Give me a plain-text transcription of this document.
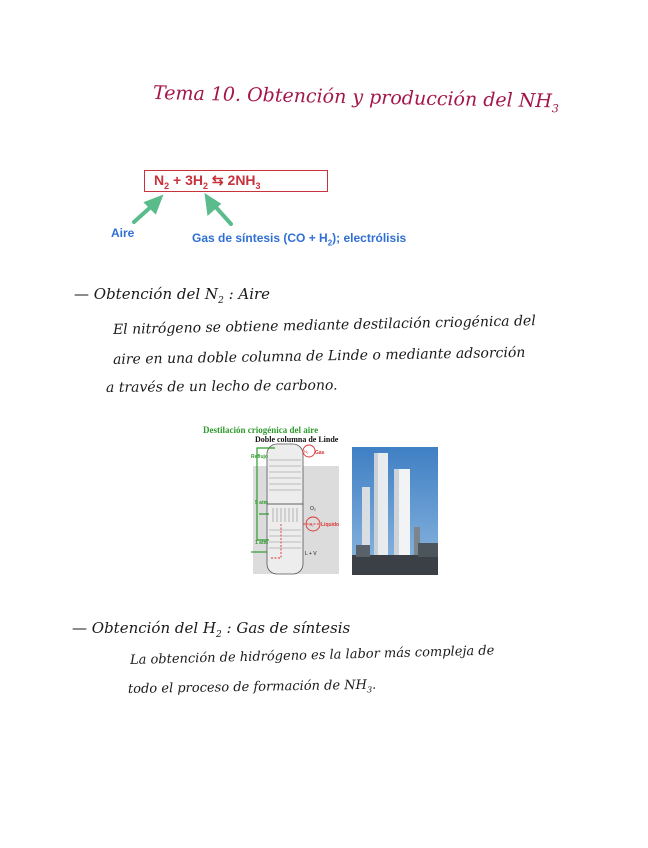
Tema 10. Obtención y producción del $NH_3$
$N_2 + 3H_2$ ⇆ $2NH_3$
Aire	Gas de síntesis $(CO + H_2)$; electrólisis
— Obtención del $N_2$ : Aire
El nitrógeno se obtiene mediante destilación criogénica del
aire en una doble columna de Linde o mediante adsorción
a través de un lecho de carbono.
Destilación criogénica del aire
Doble columna de Linde
N₂
N₂
Reflujo
Gas
5 atm
O₂
Líquido
1 atm
L + V
— Obtención del $H_2$ : Gas de síntesis
La obtención de hidrógeno es la labor más compleja de
todo el proceso de formación de $NH_3$.
